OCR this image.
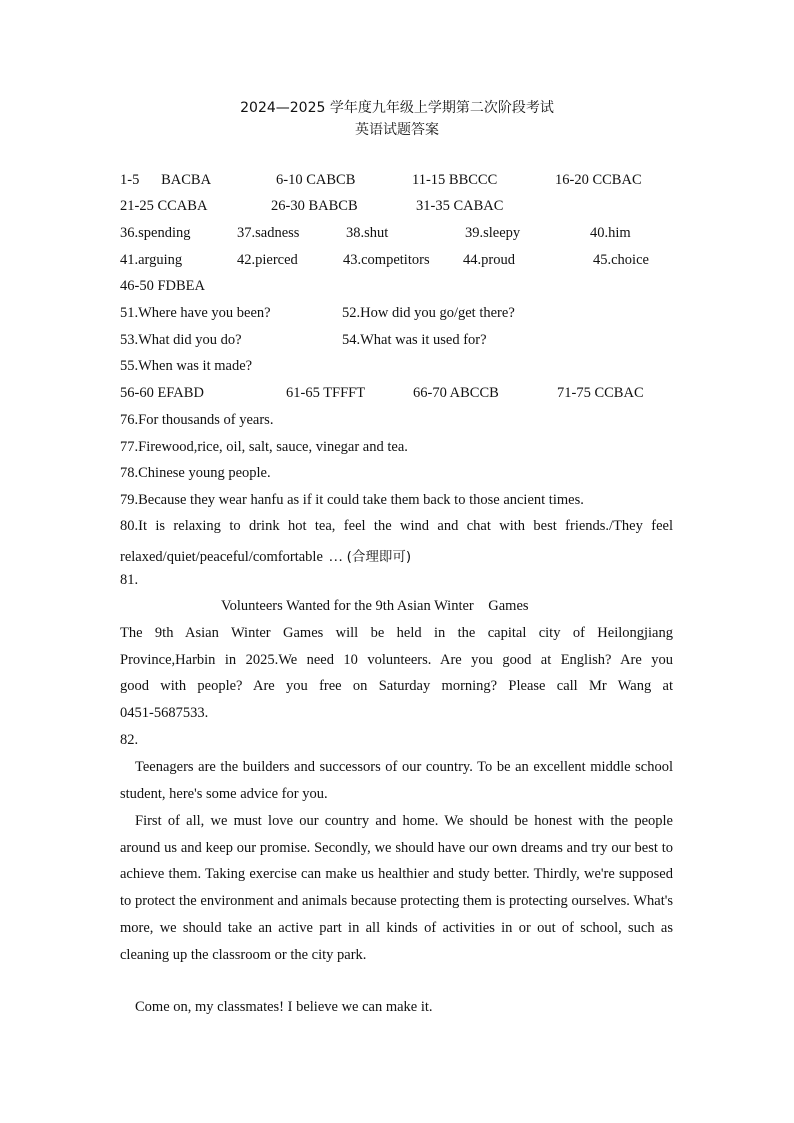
2024—2025 学年度九年级上学期第二次阶段考试
英语试题答案
1-5      BACBA	6-10 CABCB	11-15 BBCCC	16-20 CCBAC
21-25 CCABA	26-30 BABCB	31-35 CABAC
36.spending	37.sadness	38.shut	39.sleepy	40.him
41.arguing	42.pierced	43.competitors 44.proud	45.choice
46-50 FDBEA
51.Where have you been?	52.How did you go/get there?
53.What did you do?	54.What was it used for?
55.When was it made?
56-60 EFABD	61-65 TFFFT	66-70 ABCCB	71-75 CCBAC
76.For thousands of years.
77.Firewood,rice, oil, salt, sauce, vinegar and tea.
78.Chinese young people.
79.Because they wear hanfu as if it could take them back to those ancient times.
80.It is relaxing to drink hot tea, feel the wind and chat with best friends./They feel
relaxed/quiet/peaceful/comfortable … (合理即可)
81.
Volunteers Wanted for the 9th Asian Winter    Games
The 9th Asian Winter Games will be held in the capital city of Heilongjiang
Province,Harbin in 2025.We need 10 volunteers. Are you good at English? Are you
good with people? Are you free on Saturday morning? Please call Mr Wang at
0451-5687533.
82.
Teenagers are the builders and successors of our country. To be an excellent middle school student, here's some advice for you.
First of all, we must love our country and home. We should be honest with the people around us and keep our promise. Secondly, we should have our own dreams and try our best to achieve them. Taking exercise can make us healthier and study better. Thirdly, we're supposed to protect the environment and animals because protecting them is protecting ourselves. What's more, we should take an active part in all kinds of activities in or out of school, such as cleaning up the classroom or the city park.
Come on, my classmates! I believe we can make it.
